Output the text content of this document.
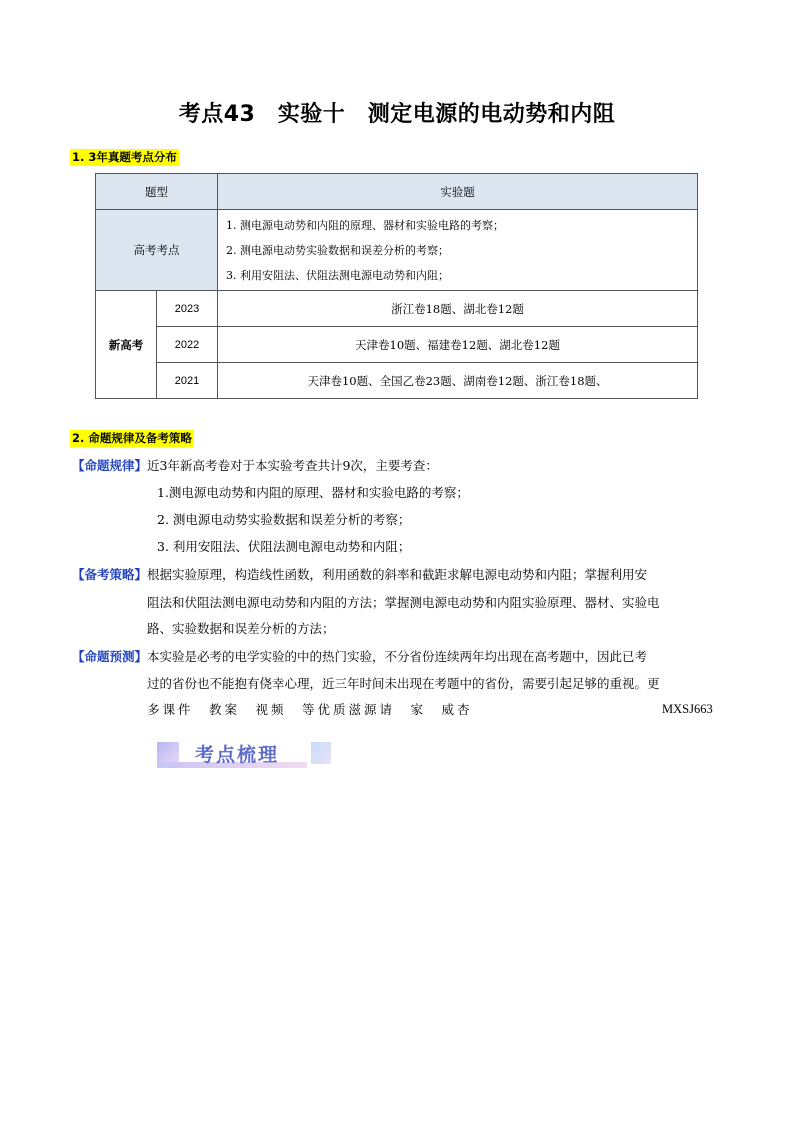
考点43　实验十　测定电源的电动势和内阻
1. 3年真题考点分布
题型		实验题
高考考点		1. 测电源电动势和内阻的原理、器材和实验电路的考察；
2. 测电源电动势实验数据和误差分析的考察；
3. 利用安阻法、伏阻法测电源电动势和内阻；

新高考	2023	浙江卷18题、湖北卷12题
	2022	天津卷10题、福建卷12题、湖北卷12题
	2021	天津卷10题、全国乙卷23题、湖南卷12题、浙江卷18题、
2. 命题规律及备考策略
【命题规律】近3年新高考卷对于本实验考查共计9次，主要考查：
1.测电源电动势和内阻的原理、器材和实验电路的考察；
2. 测电源电动势实验数据和误差分析的考察；
3. 利用安阻法、伏阻法测电源电动势和内阻；
【备考策略】根据实验原理，构造线性函数，利用函数的斜率和截距求解电源电动势和内阻；掌握利用安
阻法和伏阻法测电源电动势和内阻的方法；掌握测电源电动势和内阻实验原理、器材、实验电
路、实验数据和误差分析的方法；
【命题预测】本实验是必考的电学实验的中的热门实验，不分省份连续两年均出现在高考题中，因此已考
过的省份也不能抱有侥幸心理，近三年时间未出现在考题中的省份，需要引起足够的重视。更
多课件　教案　视频　等优质滋源请　家　威杏	MXSJ663
考点梳理
